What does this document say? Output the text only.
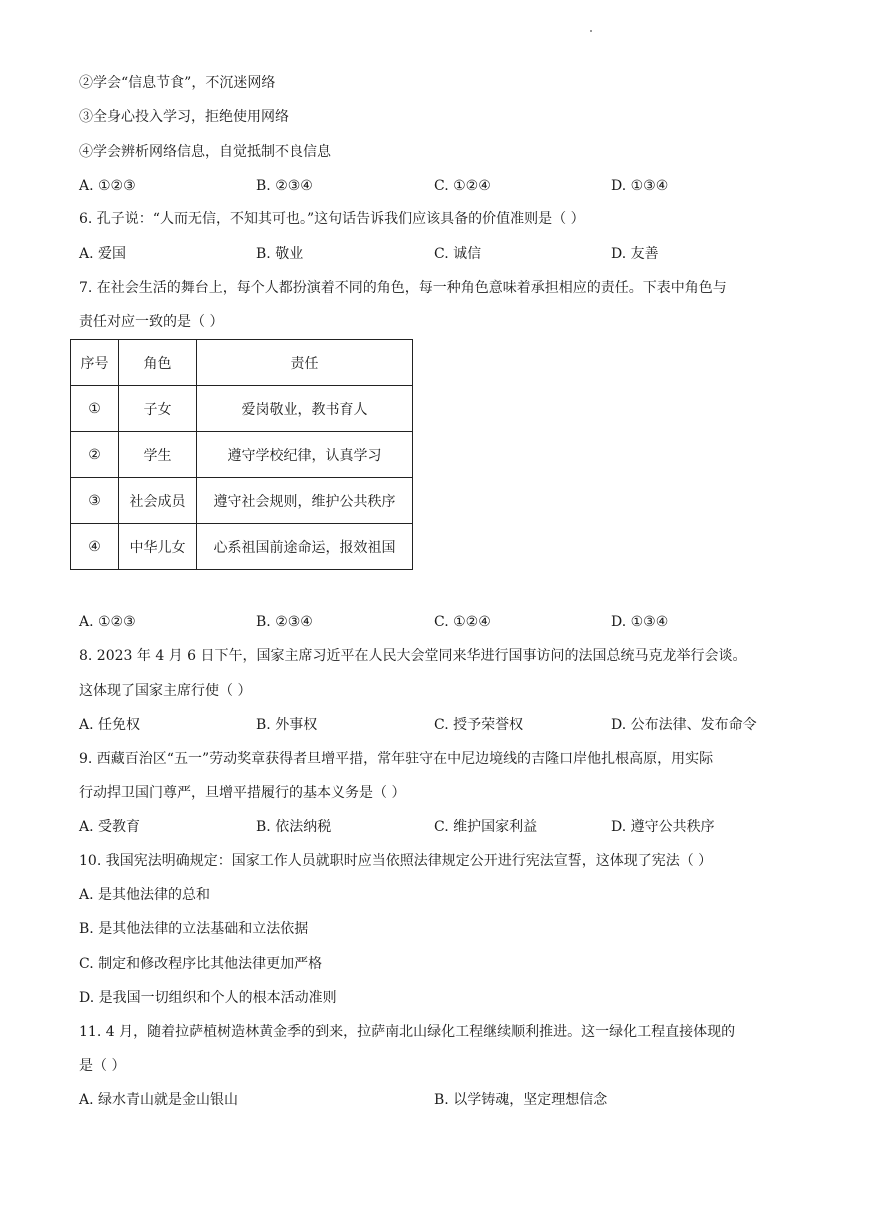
②学会“信息节食”，不沉迷网络
③全身心投入学习，拒绝使用网络
④学会辨析网络信息，自觉抵制不良信息
A. ①②③	B. ②③④	C. ①②④	D. ①③④
6. 孔子说：“人而无信，不知其可也。”这句话告诉我们应该具备的价值准则是（ ）
A. 爱国	B. 敬业	C. 诚信	D. 友善
7. 在社会生活的舞台上，每个人都扮演着不同的角色，每一种角色意味着承担相应的责任。下表中角色与
责任对应一致的是（ ）
序号	角色	责任
①	子女	爱岗敬业，教书育人
②	学生	遵守学校纪律，认真学习
③	社会成员	遵守社会规则，维护公共秩序
④	中华儿女	心系祖国前途命运，报效祖国
A. ①②③	B. ②③④	C. ①②④	D. ①③④
8. 2023 年 4 月 6 日下午，国家主席习近平在人民大会堂同来华进行国事访问的法国总统马克龙举行会谈。
这体现了国家主席行使（ ）
A. 任免权	B. 外事权	C. 授予荣誉权	D. 公布法律、发布命令
9. 西藏百治区“五一”劳动奖章获得者旦增平措，常年驻守在中尼边境线的吉隆口岸他扎根高原，用实际
行动捍卫国门尊严，旦增平措履行的基本义务是（ ）
A. 受教育	B. 依法纳税	C. 维护国家利益	D. 遵守公共秩序
10. 我国宪法明确规定：国家工作人员就职时应当依照法律规定公开进行宪法宣誓，这体现了宪法（ ）
A. 是其他法律的总和
B. 是其他法律的立法基础和立法依据
C. 制定和修改程序比其他法律更加严格
D. 是我国一切组织和个人的根本活动准则
11. 4 月，随着拉萨植树造林黄金季的到来，拉萨南北山绿化工程继续顺利推进。这一绿化工程直接体现的
是（ ）
A. 绿水青山就是金山银山	B. 以学铸魂，坚定理想信念
